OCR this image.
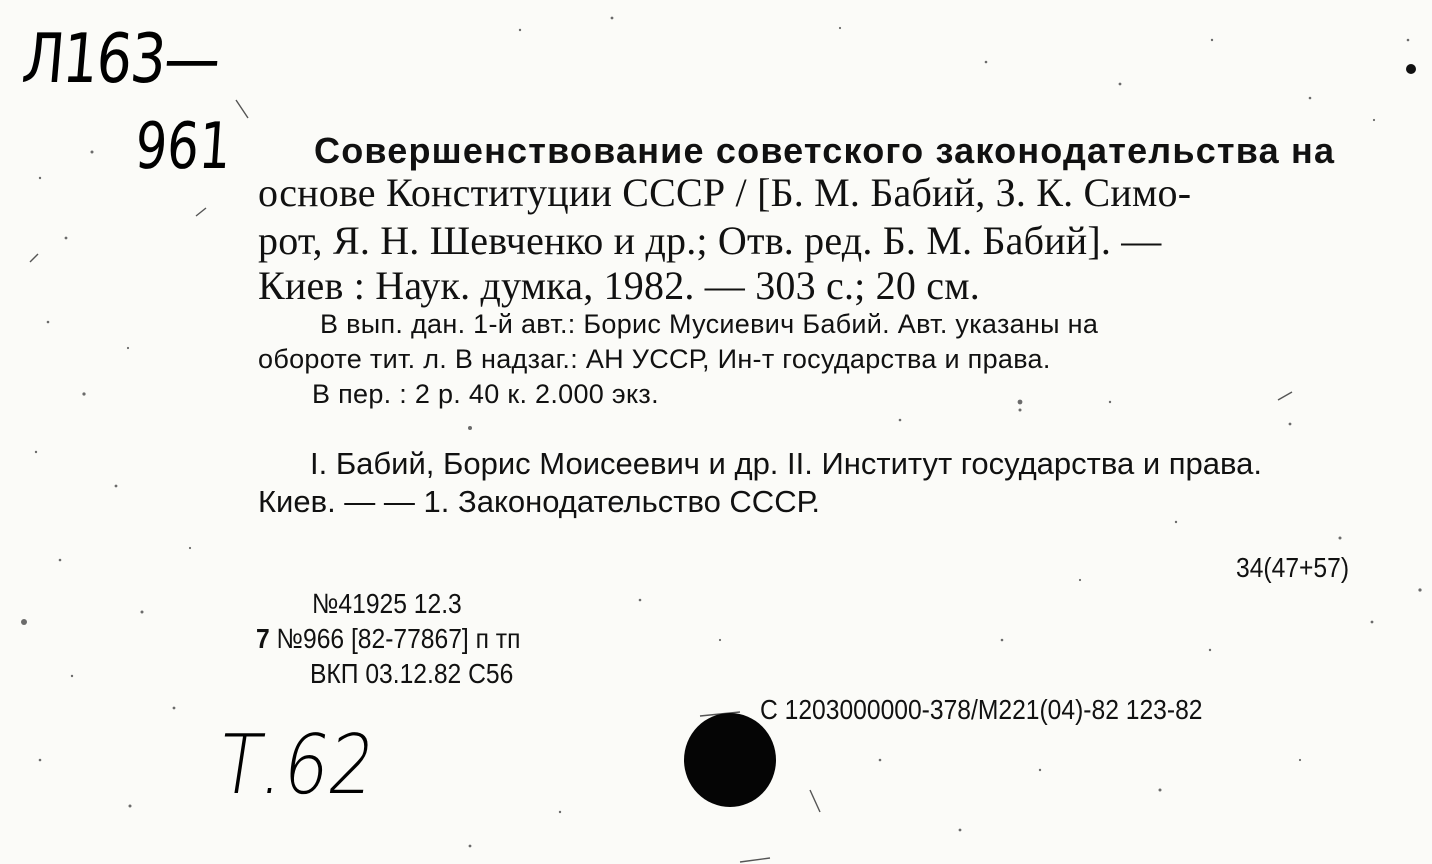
Л163—
961 Совершенствование советского законодательства на
основе Конституции СССР / [Б. М. Бабий, З. К. Симо-
рот, Я. Н. Шевченко и др.; Отв. ред. Б. М. Бабий]. —
Киев : Наук. думка, 1982. — 303 с.; 20 см.
В вып. дан. 1-й авт.: Борис Мусиевич Бабий. Авт. указаны на
обороте тит. л. В надзаг.: АН УССР, Ин-т государства и права.
В пер. : 2 р. 40 к. 2.000 экз.
I. Бабий, Борис Моисеевич и др. II. Институт государства и права.
Киев. — — 1. Законодательство СССР.
34(47+57)
№41925 12.3
7 №966 [82-77867] п тп
ВКП 03.12.82 С56
С 1203000000-378/М221(04)-82 123-82
Т.62
